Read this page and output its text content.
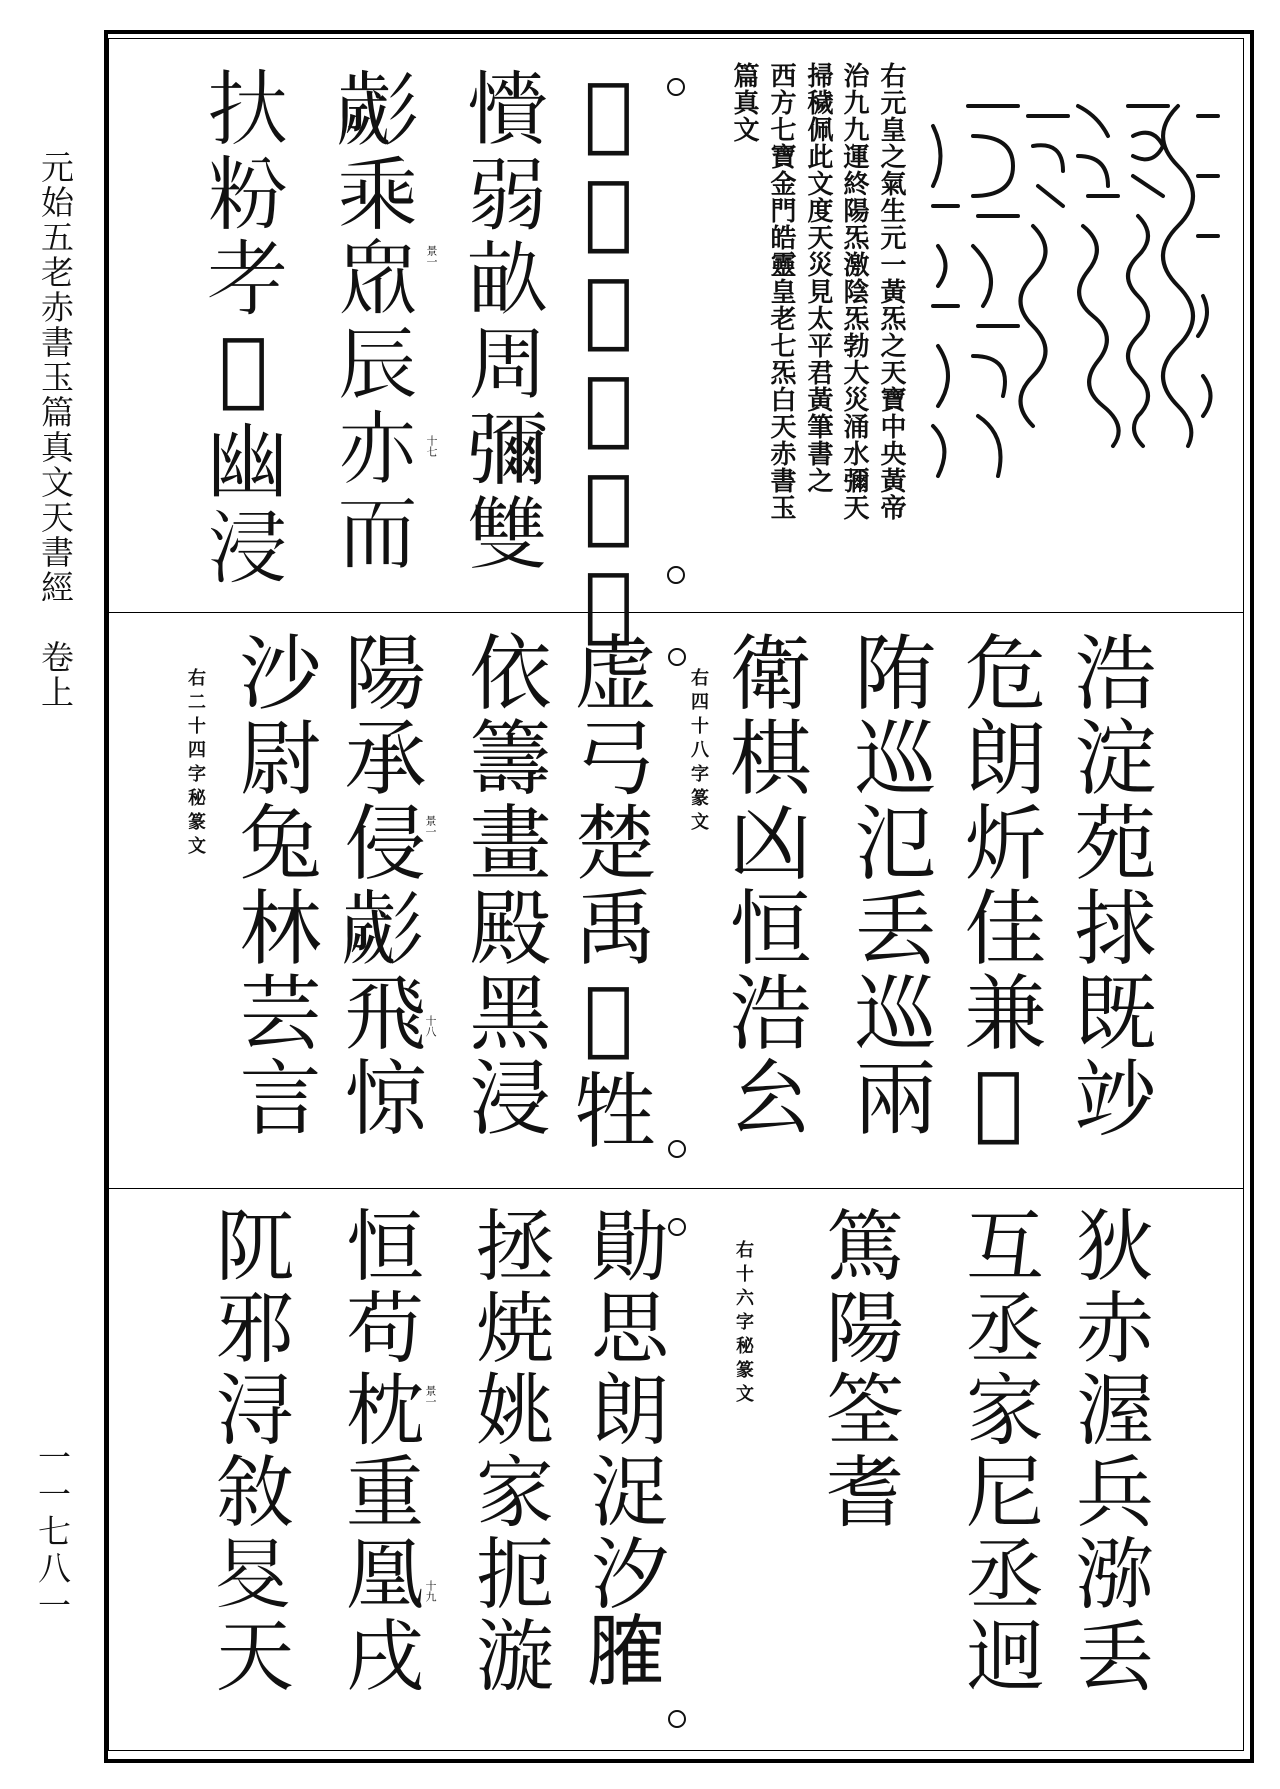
元始五老赤書玉篇真文天書經　卷上
一一七八一
右元皇之氣生元一黃炁之天寶中央黃帝
治九九運終陽炁激陰炁勃大災涌水彌天
掃穢佩此文度天災見太平君黃筆書之
西方七寶金門皓靈皇老七炁白天赤書玉
篇真文
𢓦巡泉丢看然
𢥎弱畝周彌雙
𢒱乘衆辰亦而
𢪂粉𦒱𨑺幽浸	景一
十七
浩淀苑捄既竗
危朗炘佳兼𨑺
陏巡氾丢巡兩
衛棋凶恒浩㕕
右四十八字篆文
虚弓楚禹𨑺牲
依籌畫殿黑浸
陽承侵𢒱飛惊
沙尉兔林芸言
右二十四字秘篆文	景一
十八
狄赤渥兵㳽丢
互丞家尼丞迥
篤陽筌耆
右十六字秘篆文
勛思朗浞汐𦞦
拯焼姚家扼漩
恒苟枕重凰戌
阢邪浔敘𣅝天	景一
十九
